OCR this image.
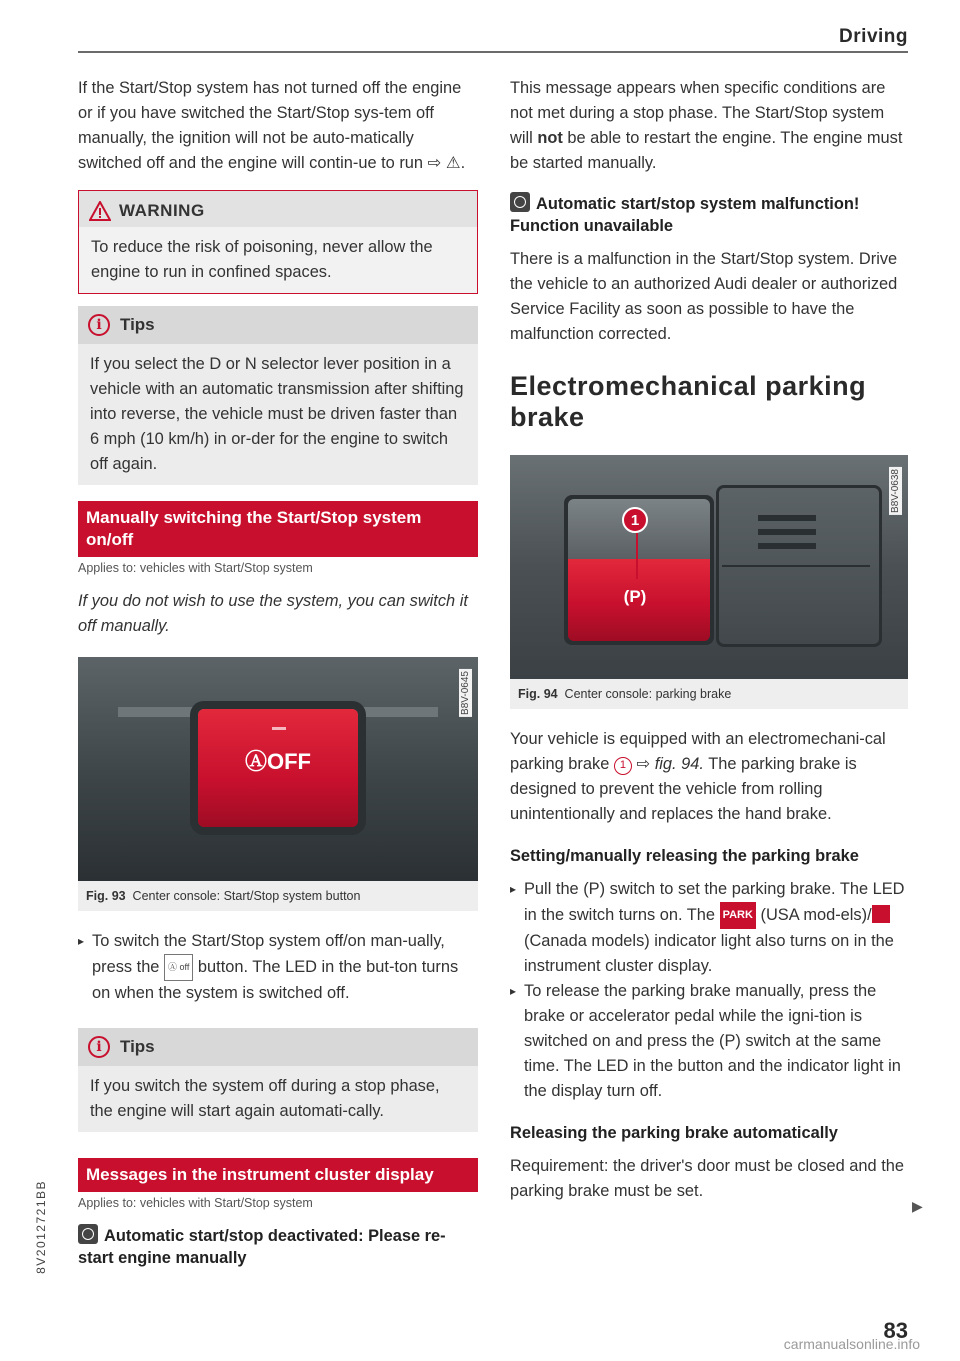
Driving

If the Start/Stop system has not turned off the engine or if you have switched the Start/Stop sys-tem off manually, the ignition will not be auto-matically switched off and the engine will contin-ue to run ⇨ ⚠.

WARNING

To reduce the risk of poisoning, never allow the engine to run in confined spaces.

i	Tips

If you select the D or N selector lever position in a vehicle with an automatic transmission after shifting into reverse, the vehicle must be driven faster than 6 mph (10 km/h) in or-der for the engine to switch off again.

Manually switching the Start/Stop system on/off
Applies to: vehicles with Start/Stop system

If you do not wish to use the system, you can switch it off manually.

ⒶOFF
B8V-0645
Fig. 93 Center console: Start/Stop system button
▸ To switch the Start/Stop system off/on man-ually, press the Ⓐ off button. The LED in the but-ton turns on when the system is switched off.
i	Tips

If you switch the system off during a stop phase, the engine will start again automati-cally.

Messages in the instrument cluster display
Applies to: vehicles with Start/Stop system
Automatic start/stop deactivated: Please re-start engine manually

This message appears when specific conditions are not met during a stop phase. The Start/Stop system will not be able to restart the engine. The engine must be started manually.

Automatic start/stop system malfunction! Function unavailable

There is a malfunction in the Start/Stop system. Drive the vehicle to an authorized Audi dealer or authorized Service Facility as soon as possible to have the malfunction corrected.

Electromechanical parking brake
(P)
1
B8V-0638
Fig. 94 Center console: parking brake

Your vehicle is equipped with an electromechani-cal parking brake 1 ⇨ fig. 94. The parking brake is designed to prevent the vehicle from rolling unintentionally and replaces the hand brake.

Setting/manually releasing the parking brake
▸ Pull the (P) switch to set the parking brake. The LED in the switch turns on. The PARK (USA mod-els)/ (Canada models) indicator light also turns on in the instrument cluster display.
▸ To release the parking brake manually, press the brake or accelerator pedal while the igni-tion is switched on and press the (P) switch at the same time. The LED in the button and the indicator light in the display turn off.
Releasing the parking brake automatically

Requirement: the driver's door must be closed and the parking brake must be set.

▶
83
8V2012721BB
carmanualsonline.info
